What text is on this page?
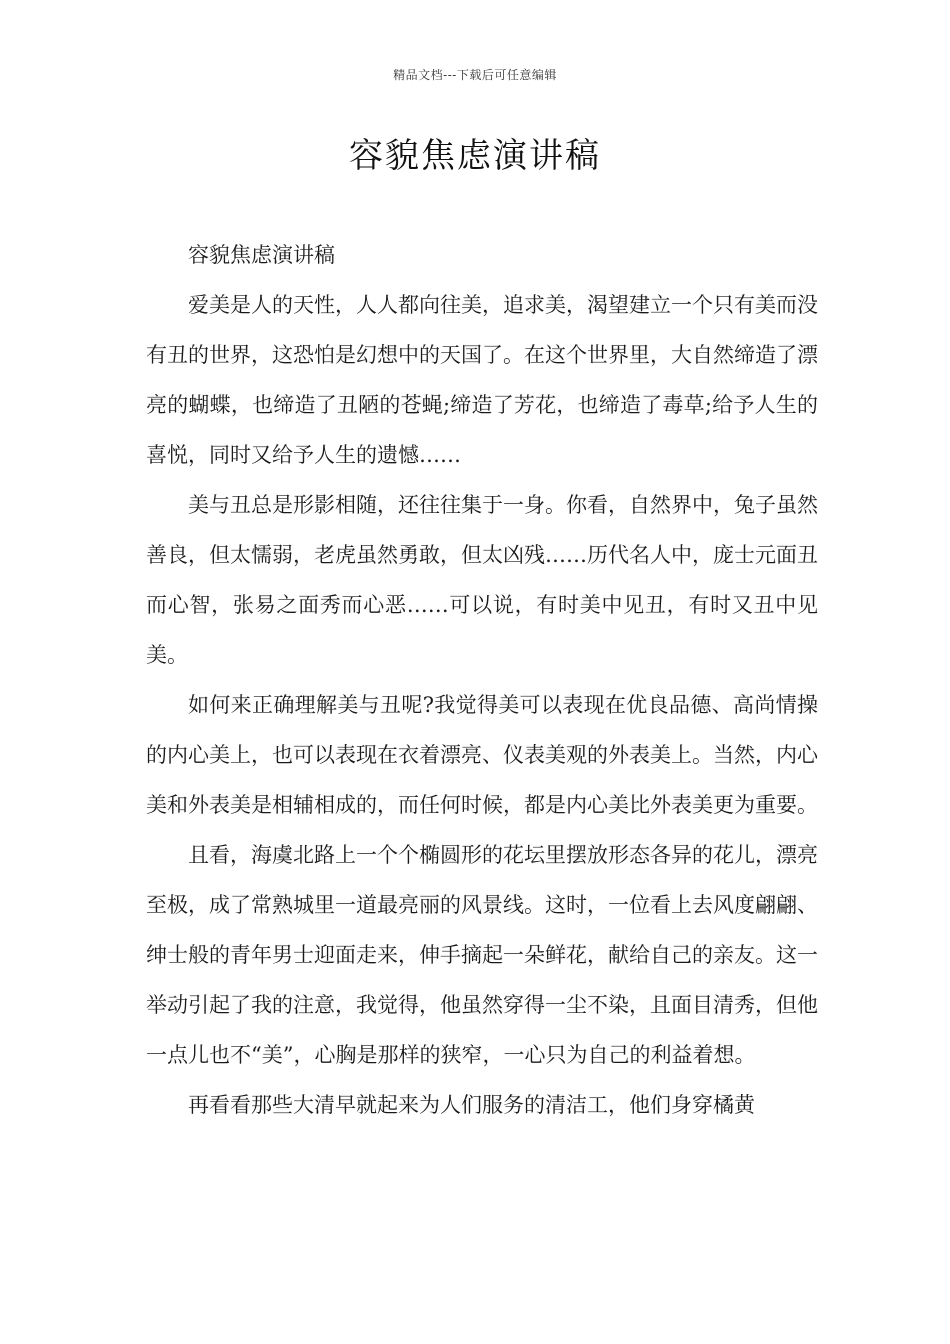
精品文档---下载后可任意编辑
容貌焦虑演讲稿

容貌焦虑演讲稿

爱美是人的天性，人人都向往美，追求美，渴望建立一个只有美而没有丑的世界，这恐怕是幻想中的天国了。在这个世界里，大自然缔造了漂亮的蝴蝶，也缔造了丑陋的苍蝇;缔造了芳花，也缔造了毒草;给予人生的喜悦，同时又给予人生的遗憾……

美与丑总是形影相随，还往往集于一身。你看，自然界中，兔子虽然善良，但太懦弱，老虎虽然勇敢，但太凶残……历代名人中，庞士元面丑而心智，张易之面秀而心恶……可以说，有时美中见丑，有时又丑中见美。

如何来正确理解美与丑呢?我觉得美可以表现在优良品德、高尚情操的内心美上，也可以表现在衣着漂亮、仪表美观的外表美上。当然，内心美和外表美是相辅相成的，而任何时候，都是内心美比外表美更为重要。

且看，海虞北路上一个个椭圆形的花坛里摆放形态各异的花儿，漂亮至极，成了常熟城里一道最亮丽的风景线。这时，一位看上去风度翩翩、绅士般的青年男士迎面走来，伸手摘起一朵鲜花，献给自己的亲友。这一举动引起了我的注意，我觉得，他虽然穿得一尘不染，且面目清秀，但他一点儿也不“美”，心胸是那样的狭窄，一心只为自己的利益着想。

再看看那些大清早就起来为人们服务的清洁工，他们身穿橘黄
